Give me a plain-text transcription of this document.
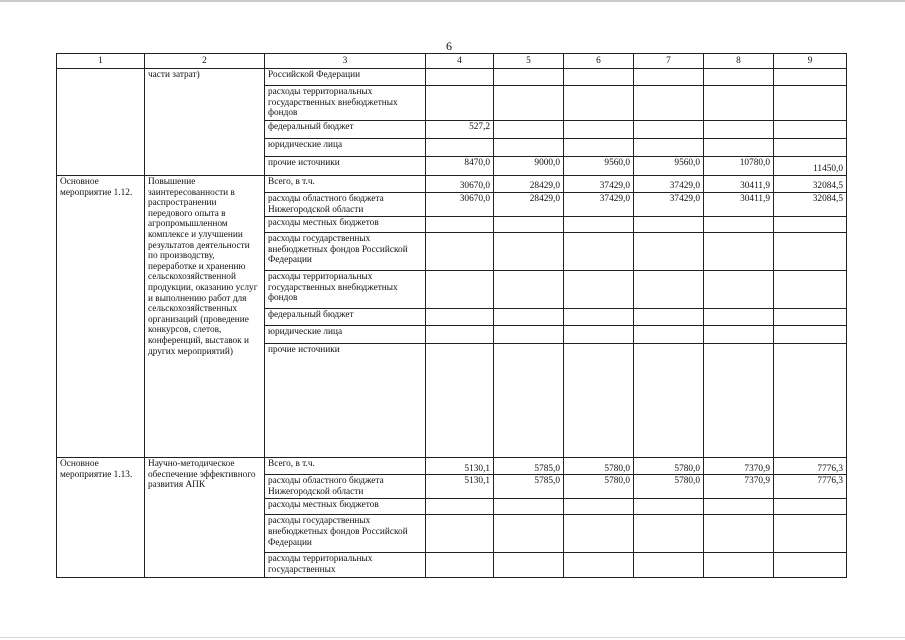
6
1	2	3	4	5	6	7	8	9
	части затрат)	Российской Федерации						
		расходы территориальных государственных внебюджетных фондов						
		федеральный бюджет	527,2					
		юридические лица						
		прочие источники	8470,0	9000,0	9560,0	9560,0	10780,0	11450,0
Основное мероприятие 1.12.	Повышение заинтересованности в распространении передового опыта в агропромышленном комплексе и улучшении результатов деятельности по производству, переработке и хранению сельскохозяйственной продукции, оказанию услуг и выполнению работ для сельскохозяйственных организаций (проведение конкурсов, слетов, конференций, выставок и других мероприятий)	Всего, в т.ч.	30670,0	28429,0	37429,0	37429,0	30411,9	32084,5
		расходы областного бюджета Нижегородской области	30670,0	28429,0	37429,0	37429,0	30411,9	32084,5
		расходы местных бюджетов						
		расходы государственных внебюджетных фондов Российской Федерации						
		расходы территориальных государственных внебюджетных фондов						
		федеральный бюджет						
		юридические лица						
		прочие источники						
Основное мероприятие 1.13.	Научно-методическое обеспечение эффективного развития АПК	Всего, в т.ч.	5130,1	5785,0	5780,0	5780,0	7370,9	7776,3
		расходы областного бюджета Нижегородской области	5130,1	5785,0	5780,0	5780,0	7370,9	7776,3
		расходы местных бюджетов						
		расходы государственных внебюджетных фондов Российской Федерации						
		расходы территориальных государственных						
